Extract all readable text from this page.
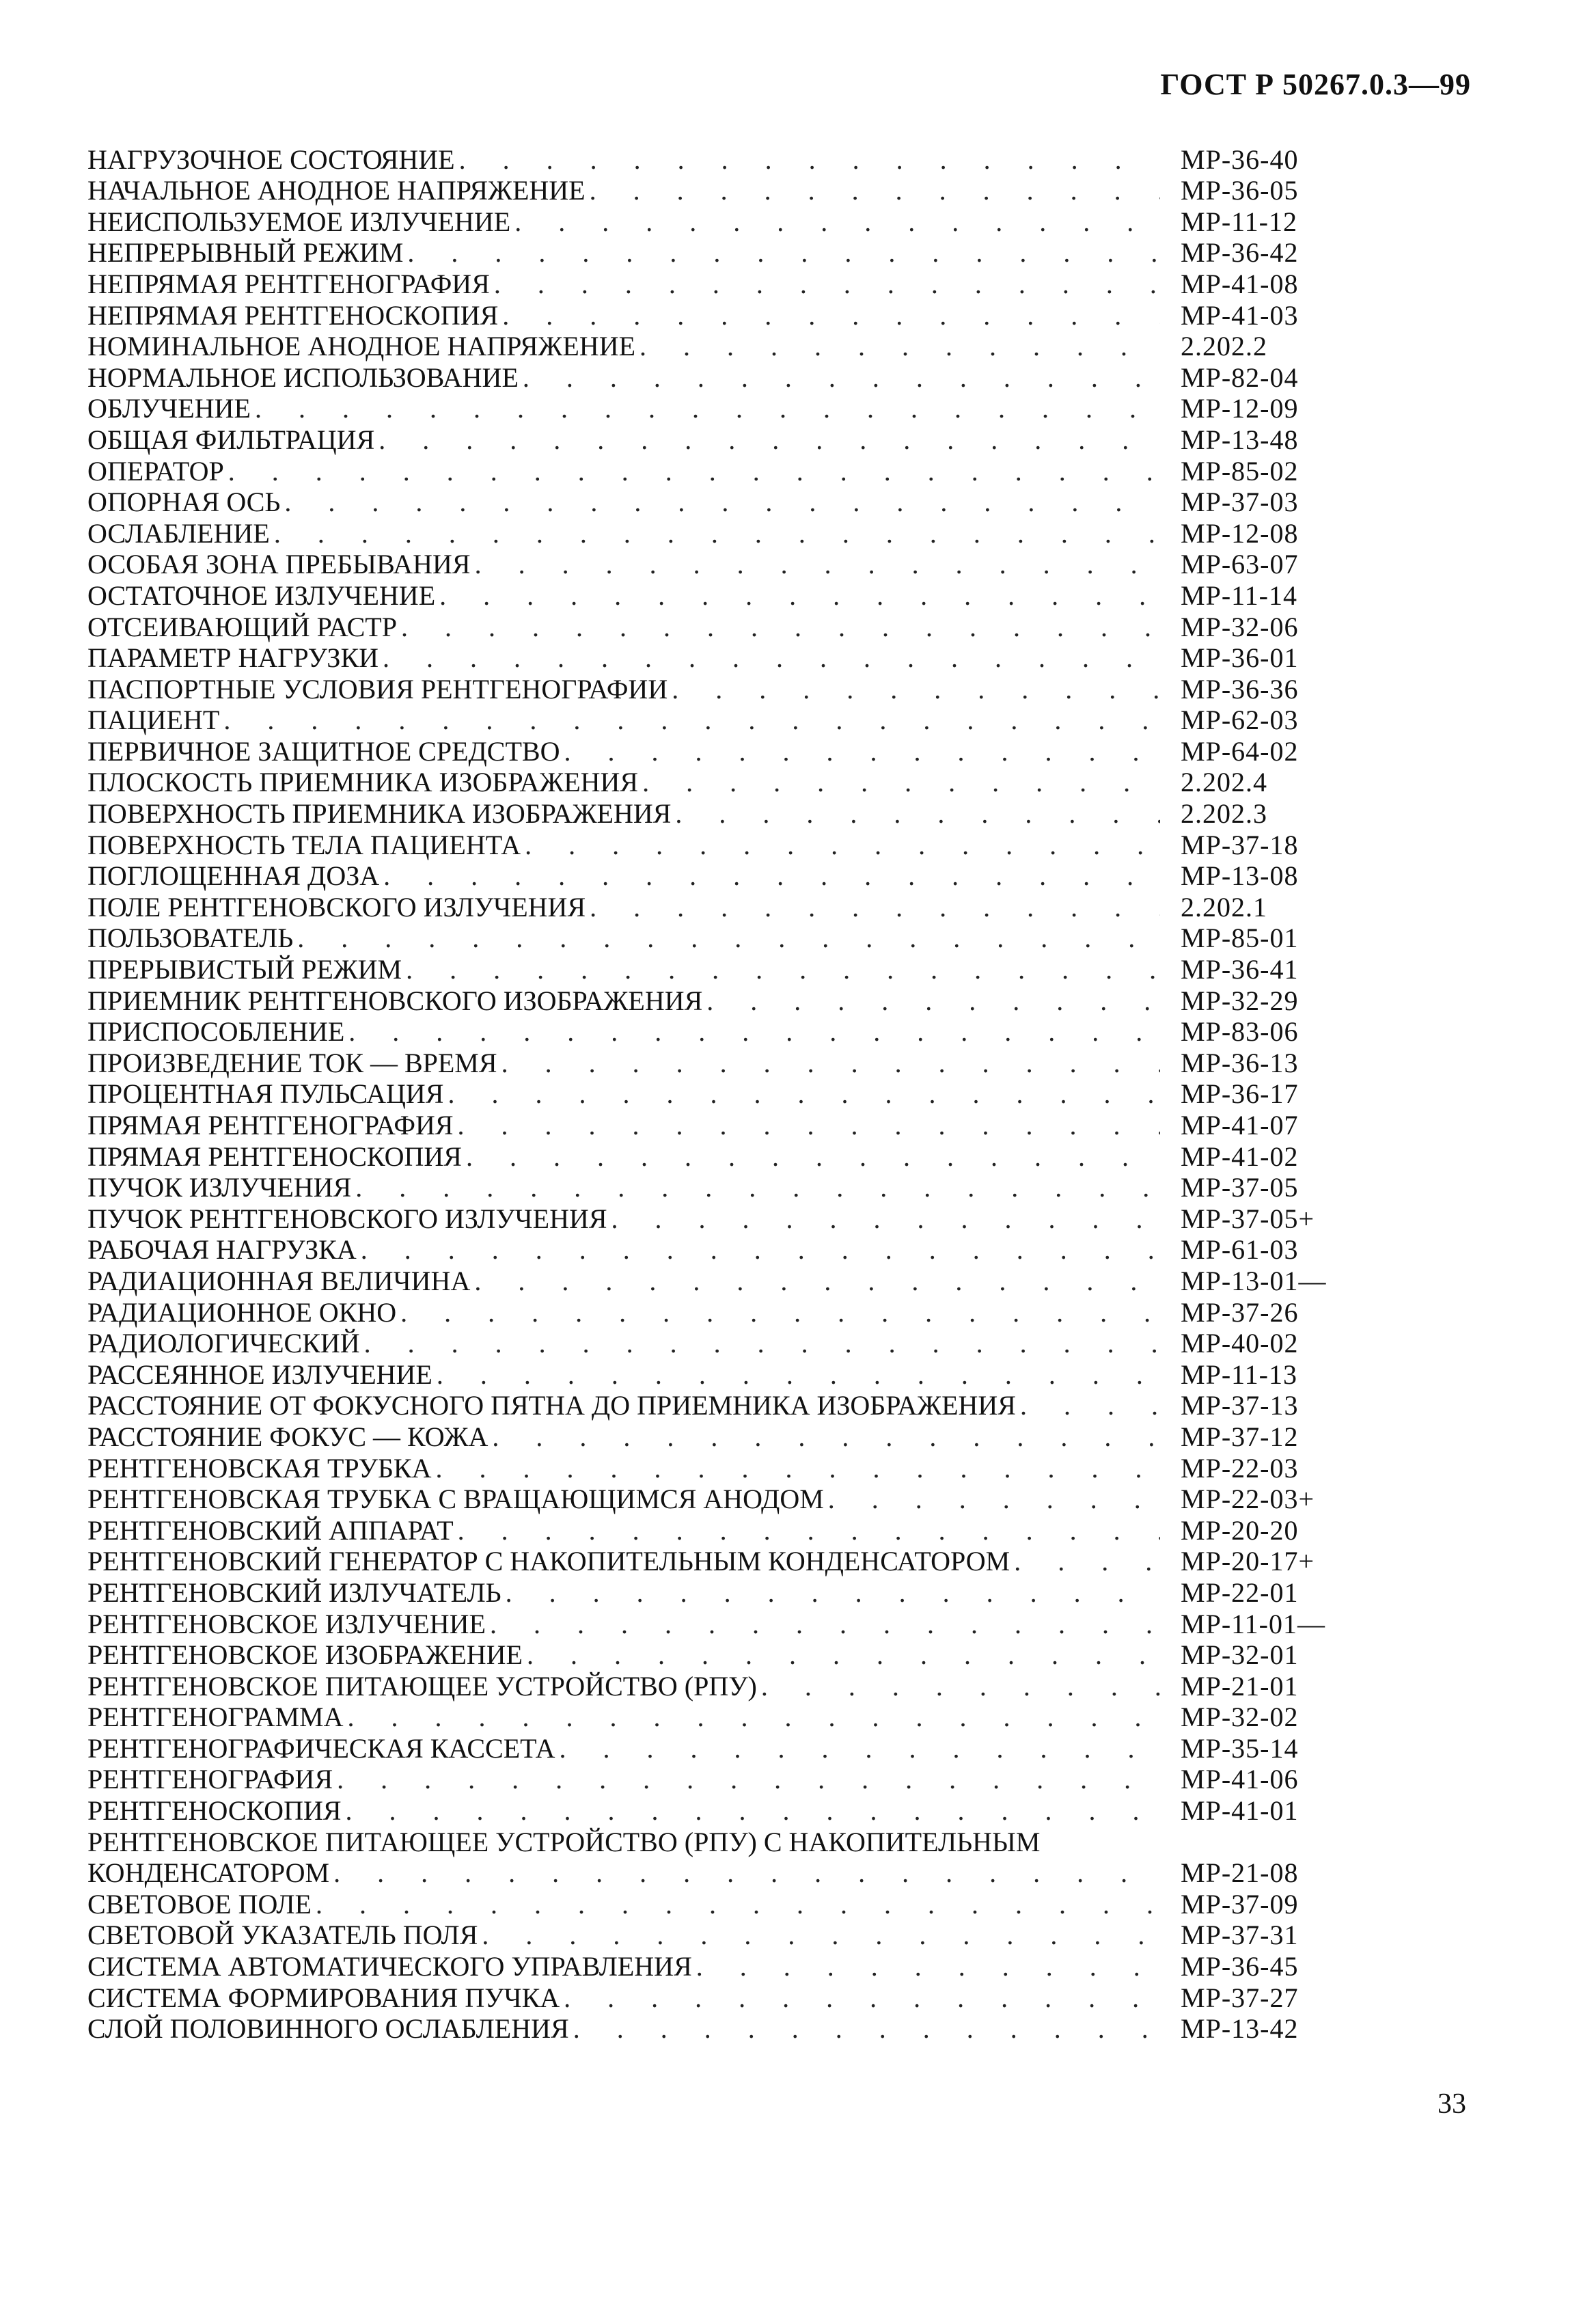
ГОСТ Р 50267.0.3—99
НАГРУЗОЧНОЕ СОСТОЯНИЕ . . .	МР-36-40
НАЧАЛЬНОЕ АНОДНОЕ НАПРЯЖЕНИЕ . . .	МР-36-05
НЕИСПОЛЬЗУЕМОЕ ИЗЛУЧЕНИЕ . . .	МР-11-12
НЕПРЕРЫВНЫЙ РЕЖИМ . . .	МР-36-42
НЕПРЯМАЯ РЕНТГЕНОГРАФИЯ . . .	МР-41-08
НЕПРЯМАЯ РЕНТГЕНОСКОПИЯ . . .	МР-41-03
НОМИНАЛЬНОЕ АНОДНОЕ НАПРЯЖЕНИЕ . . .	2.202.2
НОРМАЛЬНОЕ ИСПОЛЬЗОВАНИЕ . . .	МР-82-04
ОБЛУЧЕНИЕ . . .	МР-12-09
ОБЩАЯ ФИЛЬТРАЦИЯ . . .	МР-13-48
ОПЕРАТОР . . .	МР-85-02
ОПОРНАЯ ОСЬ . . .	МР-37-03
ОСЛАБЛЕНИЕ . . .	МР-12-08
ОСОБАЯ ЗОНА ПРЕБЫВАНИЯ . . .	МР-63-07
ОСТАТОЧНОЕ ИЗЛУЧЕНИЕ . . .	МР-11-14
ОТСЕИВАЮЩИЙ РАСТР . . .	МР-32-06
ПАРАМЕТР НАГРУЗКИ . . .	МР-36-01
ПАСПОРТНЫЕ УСЛОВИЯ РЕНТГЕНОГРАФИИ . . .	МР-36-36
ПАЦИЕНТ . . .	МР-62-03
ПЕРВИЧНОЕ ЗАЩИТНОЕ СРЕДСТВО . . .	МР-64-02
ПЛОСКОСТЬ ПРИЕМНИКА ИЗОБРАЖЕНИЯ . . .	2.202.4
ПОВЕРХНОСТЬ ПРИЕМНИКА ИЗОБРАЖЕНИЯ . . .	2.202.3
ПОВЕРХНОСТЬ ТЕЛА ПАЦИЕНТА . . .	МР-37-18
ПОГЛОЩЕННАЯ ДОЗА . . .	МР-13-08
ПОЛЕ РЕНТГЕНОВСКОГО ИЗЛУЧЕНИЯ . . .	2.202.1
ПОЛЬЗОВАТЕЛЬ . . .	МР-85-01
ПРЕРЫВИСТЫЙ РЕЖИМ . . .	МР-36-41
ПРИЕМНИК РЕНТГЕНОВСКОГО ИЗОБРАЖЕНИЯ . . .	МР-32-29
ПРИСПОСОБЛЕНИЕ . . .	МР-83-06
ПРОИЗВЕДЕНИЕ ТОК — ВРЕМЯ . . .	МР-36-13
ПРОЦЕНТНАЯ ПУЛЬСАЦИЯ . . .	МР-36-17
ПРЯМАЯ РЕНТГЕНОГРАФИЯ . . .	МР-41-07
ПРЯМАЯ РЕНТГЕНОСКОПИЯ . . .	МР-41-02
ПУЧОК ИЗЛУЧЕНИЯ . . .	МР-37-05
ПУЧОК РЕНТГЕНОВСКОГО ИЗЛУЧЕНИЯ . . .	МР-37-05+
РАБОЧАЯ НАГРУЗКА . . .	МР-61-03
РАДИАЦИОННАЯ ВЕЛИЧИНА . . .	МР-13-01—
РАДИАЦИОННОЕ ОКНО . . .	МР-37-26
РАДИОЛОГИЧЕСКИЙ . . .	МР-40-02
РАССЕЯННОЕ ИЗЛУЧЕНИЕ . . .	МР-11-13
РАССТОЯНИЕ ОТ ФОКУСНОГО ПЯТНА ДО ПРИЕМНИКА ИЗОБРАЖЕНИЯ . . .	МР-37-13
РАССТОЯНИЕ ФОКУС — КОЖА . . .	МР-37-12
РЕНТГЕНОВСКАЯ ТРУБКА . . .	МР-22-03
РЕНТГЕНОВСКАЯ ТРУБКА С ВРАЩАЮЩИМСЯ АНОДОМ . . .	МР-22-03+
РЕНТГЕНОВСКИЙ АППАРАТ . . .	МР-20-20
РЕНТГЕНОВСКИЙ ГЕНЕРАТОР С НАКОПИТЕЛЬНЫМ КОНДЕНСАТОРОМ . . .	МР-20-17+
РЕНТГЕНОВСКИЙ ИЗЛУЧАТЕЛЬ . . .	МР-22-01
РЕНТГЕНОВСКОЕ ИЗЛУЧЕНИЕ . . .	МР-11-01—
РЕНТГЕНОВСКОЕ ИЗОБРАЖЕНИЕ . . .	МР-32-01
РЕНТГЕНОВСКОЕ ПИТАЮЩЕЕ УСТРОЙСТВО (РПУ) . . .	МР-21-01
РЕНТГЕНОГРАММА . . .	МР-32-02
РЕНТГЕНОГРАФИЧЕСКАЯ КАССЕТА . . .	МР-35-14
РЕНТГЕНОГРАФИЯ . . .	МР-41-06
РЕНТГЕНОСКОПИЯ . . .	МР-41-01
РЕНТГЕНОВСКОЕ ПИТАЮЩЕЕ УСТРОЙСТВО (РПУ) С НАКОПИТЕЛЬНЫМ
КОНДЕНСАТОРОМ . . .	МР-21-08
СВЕТОВОЕ ПОЛЕ . . .	МР-37-09
СВЕТОВОЙ УКАЗАТЕЛЬ ПОЛЯ . . .	МР-37-31
СИСТЕМА АВТОМАТИЧЕСКОГО УПРАВЛЕНИЯ . . .	МР-36-45
СИСТЕМА ФОРМИРОВАНИЯ ПУЧКА . . .	МР-37-27
СЛОЙ ПОЛОВИННОГО ОСЛАБЛЕНИЯ . . .	МР-13-42
33
